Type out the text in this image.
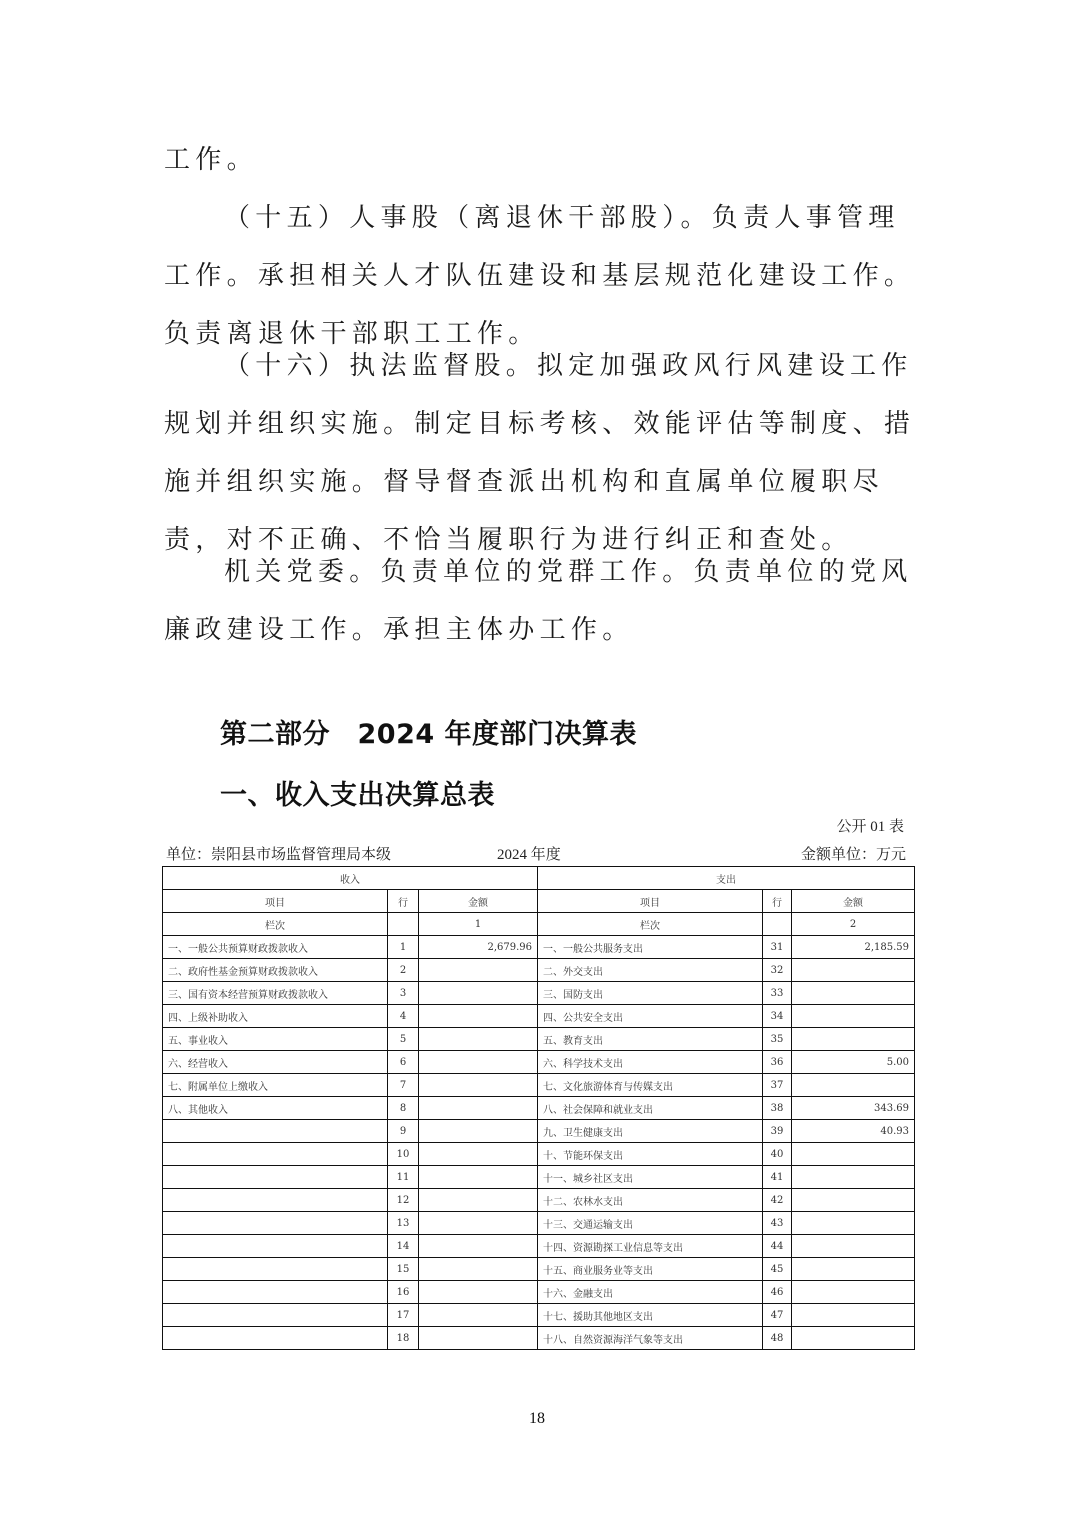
工作。

（十五）人事股（离退休干部股）。负责人事管理工作。承担相关人才队伍建设和基层规范化建设工作。负责离退休干部职工工作。

（十六）执法监督股。拟定加强政风行风建设工作规划并组织实施。制定目标考核、效能评估等制度、措施并组织实施。督导督查派出机构和直属单位履职尽责，对不正确、不恰当履职行为进行纠正和查处。

机关党委。负责单位的党群工作。负责单位的党风廉政建设工作。承担主体办工作。

第二部分　2024 年度部门决算表
一、收入支出决算总表
公开 01 表
单位：崇阳县市场监督管理局本级	2024 年度	金额单位：万元
收入			支出		
项目	行	金额	项目	行	金额
栏次		1	栏次		2
一、一般公共预算财政拨款收入	1	2,679.96	一、一般公共服务支出	31	2,185.59
二、政府性基金预算财政拨款收入	2		二、外交支出	32	
三、国有资本经营预算财政拨款收入	3		三、国防支出	33	
四、上级补助收入	4		四、公共安全支出	34	
五、事业收入	5		五、教育支出	35	
六、经营收入	6		六、科学技术支出	36	5.00
七、附属单位上缴收入	7		七、文化旅游体育与传媒支出	37	
八、其他收入	8		八、社会保障和就业支出	38	343.69
	9		九、卫生健康支出	39	40.93
	10		十、节能环保支出	40	
	11		十一、城乡社区支出	41	
	12		十二、农林水支出	42	
	13		十三、交通运输支出	43	
	14		十四、资源勘探工业信息等支出	44	
	15		十五、商业服务业等支出	45	
	16		十六、金融支出	46	
	17		十七、援助其他地区支出	47	
	18		十八、自然资源海洋气象等支出	48	
18
